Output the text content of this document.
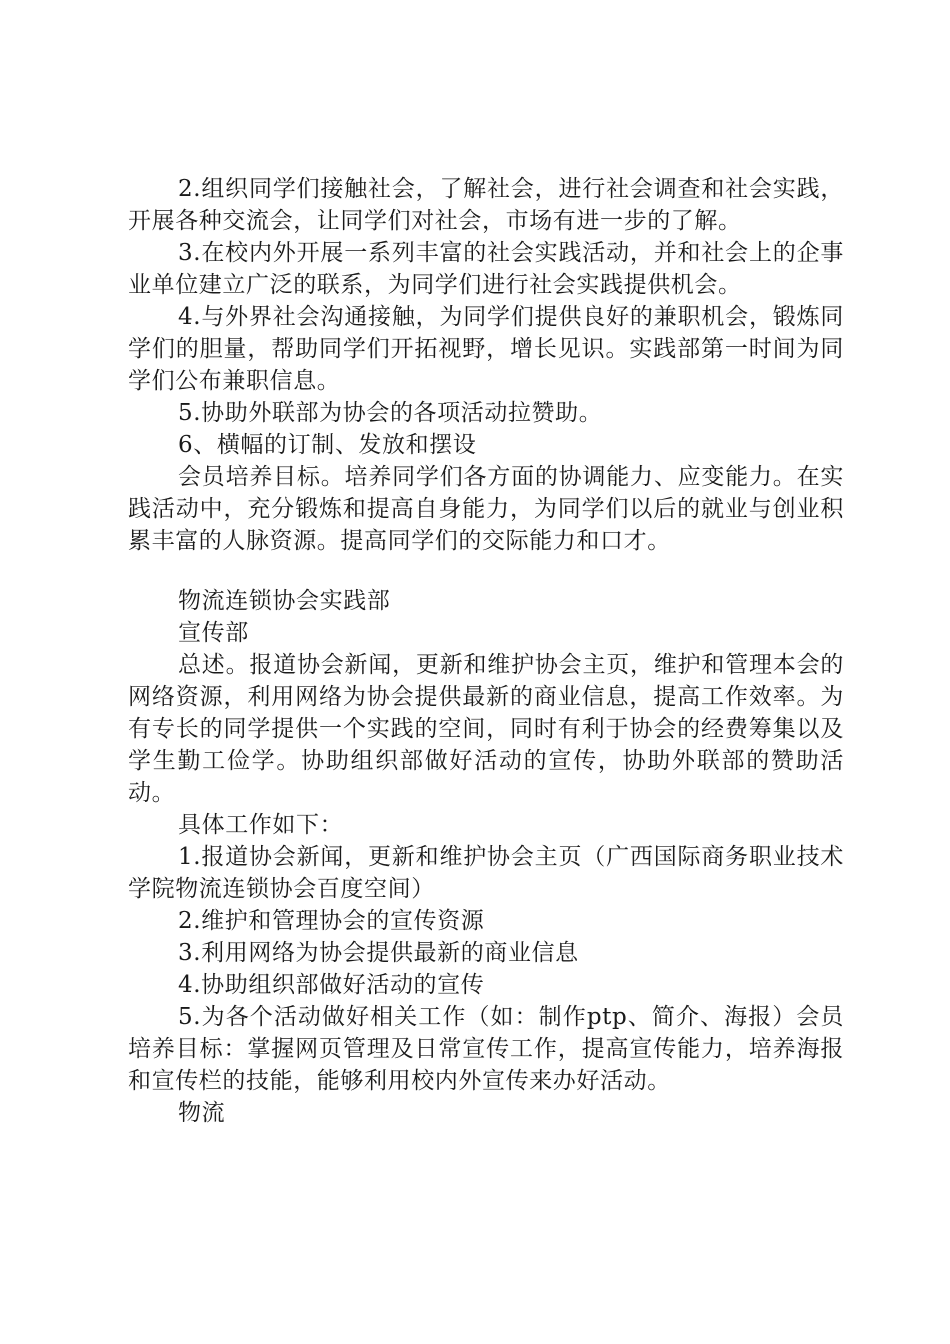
2.组织同学们接触社会，了解社会，进行社会调查和社会实践，开展各种交流会，让同学们对社会，市场有进一步的了解。

3.在校内外开展一系列丰富的社会实践活动，并和社会上的企事业单位建立广泛的联系，为同学们进行社会实践提供机会。

4.与外界社会沟通接触，为同学们提供良好的兼职机会，锻炼同学们的胆量，帮助同学们开拓视野，增长见识。实践部第一时间为同学们公布兼职信息。

5.协助外联部为协会的各项活动拉赞助。

6、横幅的订制、发放和摆设

会员培养目标。培养同学们各方面的协调能力、应变能力。在实践活动中，充分锻炼和提高自身能力，为同学们以后的就业与创业积累丰富的人脉资源。提高同学们的交际能力和口才。

物流连锁协会实践部

宣传部

总述。报道协会新闻，更新和维护协会主页，维护和管理本会的网络资源，利用网络为协会提供最新的商业信息，提高工作效率。为有专长的同学提供一个实践的空间，同时有利于协会的经费筹集以及学生勤工俭学。协助组织部做好活动的宣传，协助外联部的赞助活动。

具体工作如下：

1.报道协会新闻，更新和维护协会主页（广西国际商务职业技术学院物流连锁协会百度空间）

2.维护和管理协会的宣传资源

3.利用网络为协会提供最新的商业信息

4.协助组织部做好活动的宣传

5.为各个活动做好相关工作（如：制作ptp、简介、海报）会员培养目标：掌握网页管理及日常宣传工作，提高宣传能力，培养海报和宣传栏的技能，能够利用校内外宣传来办好活动。

物流
